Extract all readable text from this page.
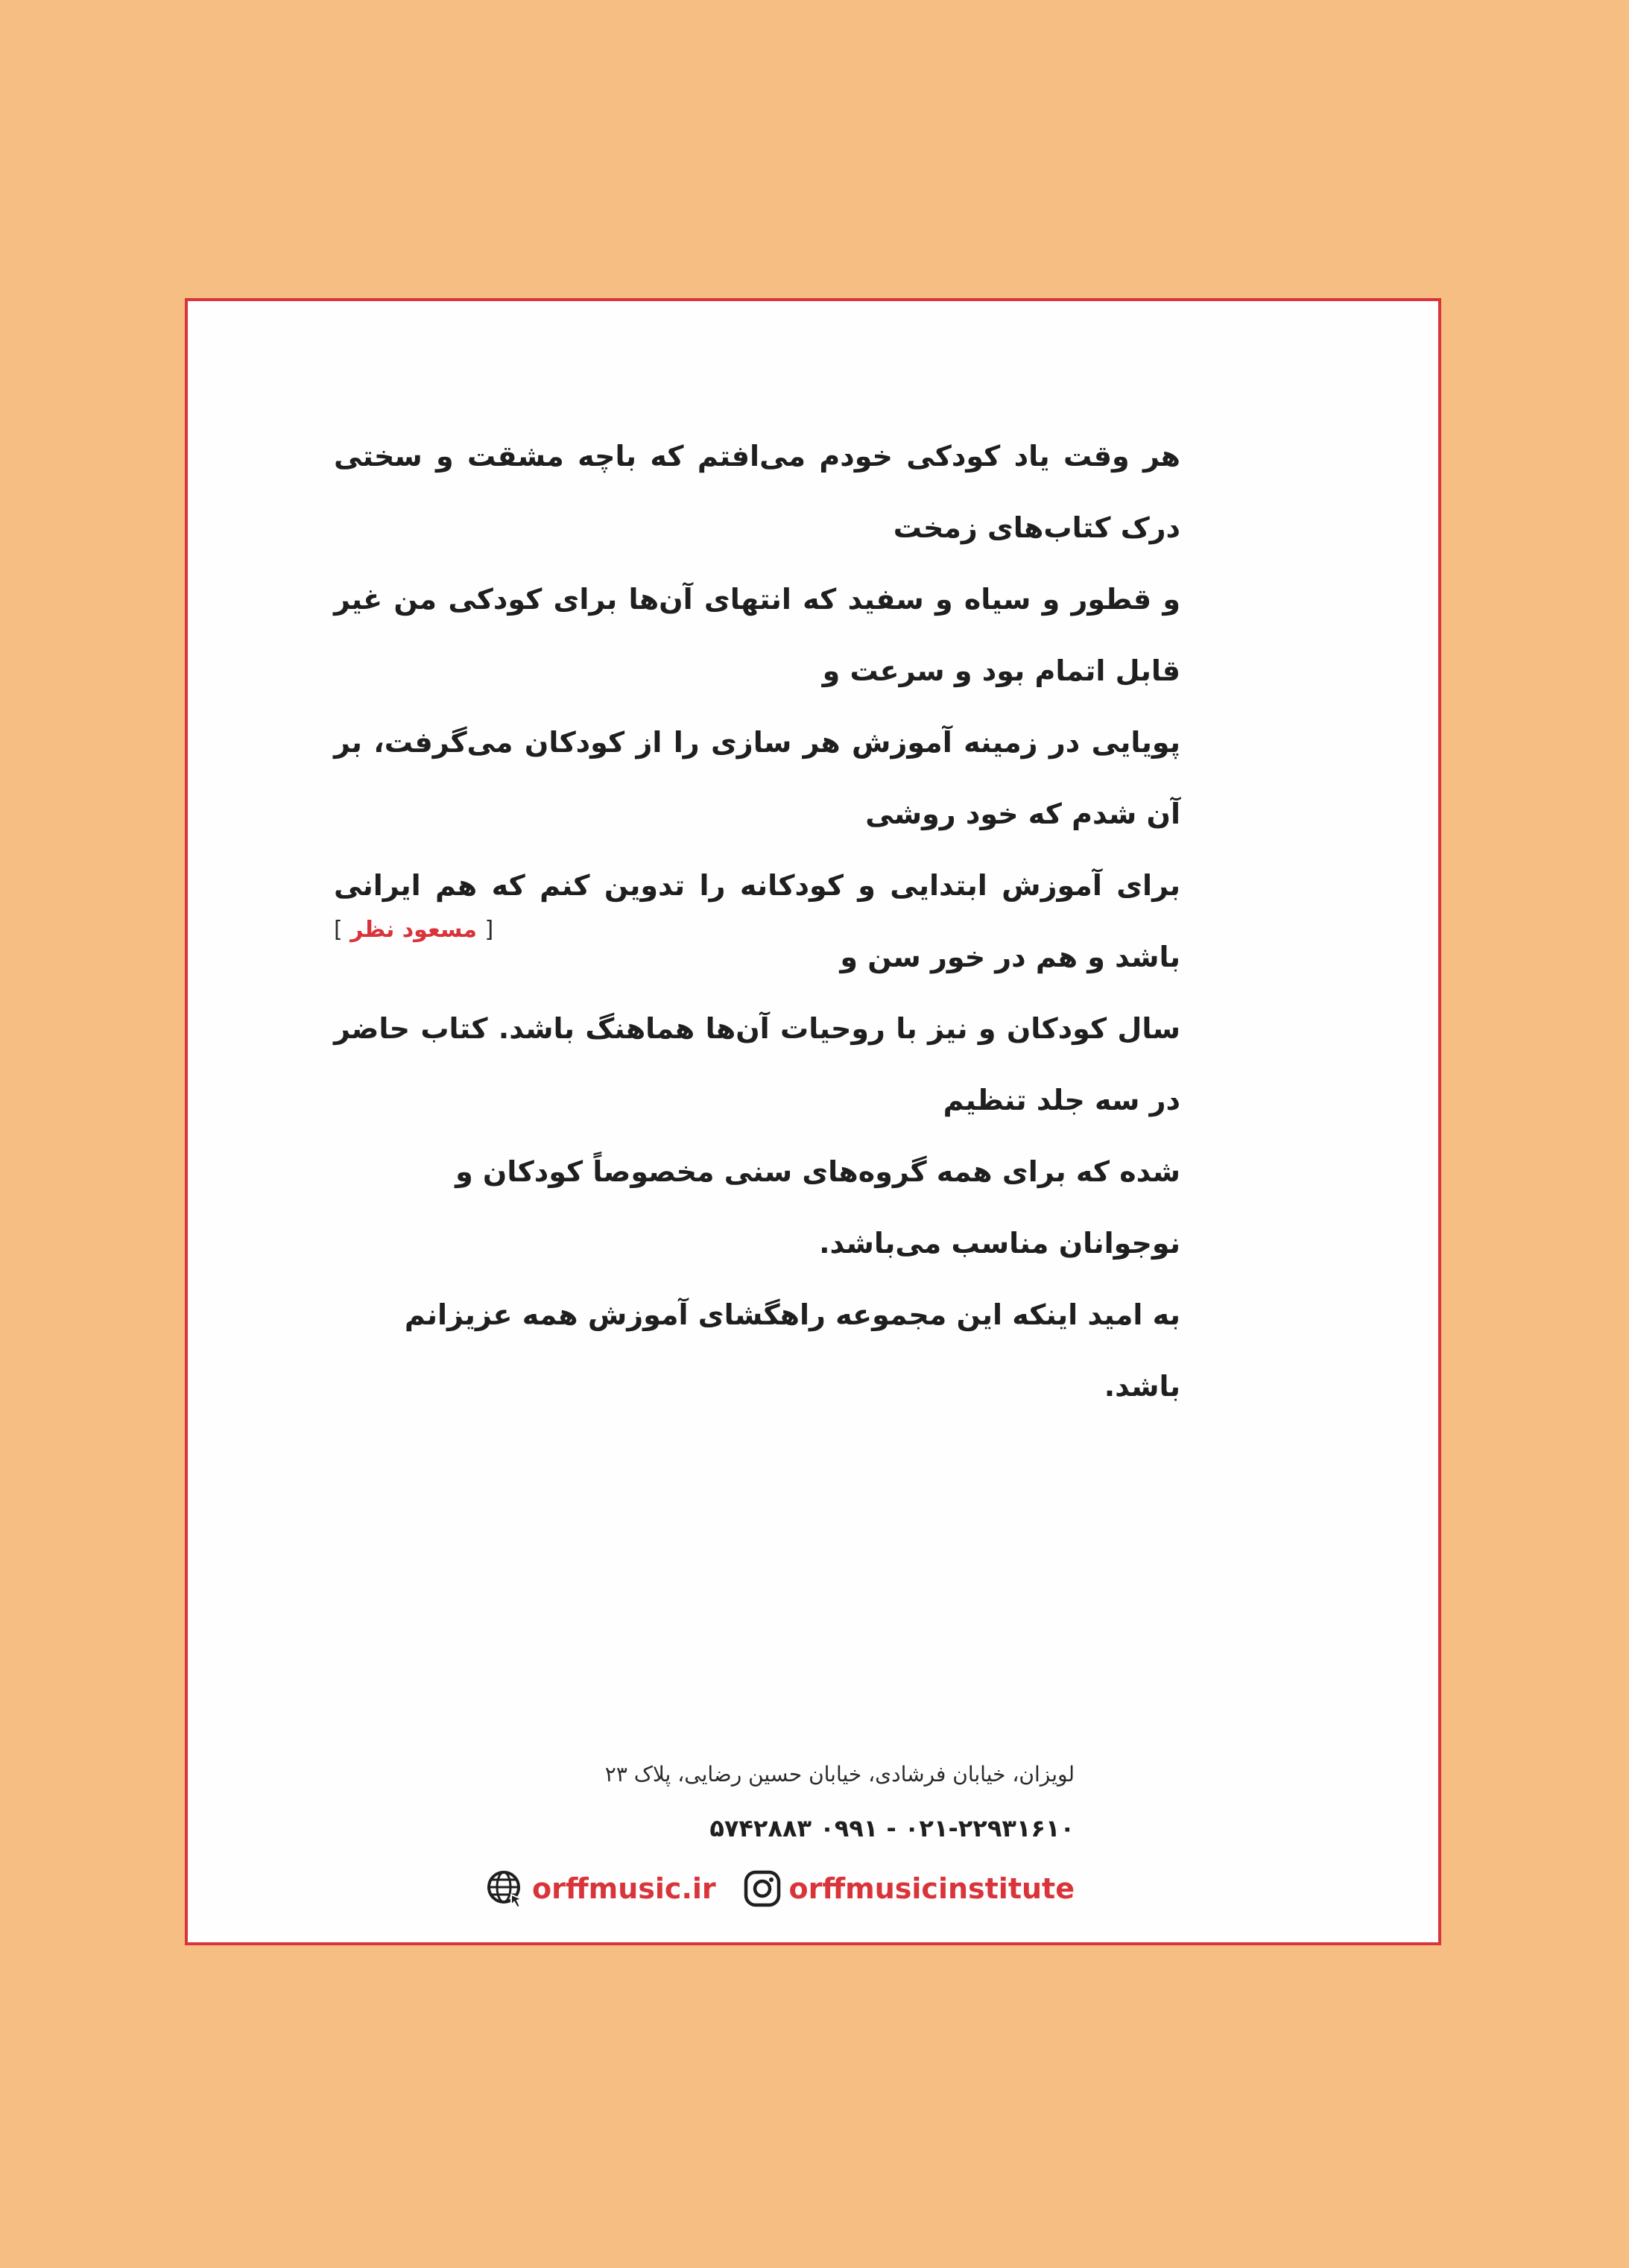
هر وقت یاد کودکی خودم می‌افتم که باچه مشقت و سختی درک کتاب‌های زمخت

و قطور و سیاه و سفید که انتهای آن‌ها برای کودکی من غیر قابل اتمام بود و سرعت و

پویایی در زمینه آموزش هر سازی را از کودکان می‌گرفت، بر آن شدم که خود روشی

برای آموزش ابتدایی و کودکانه را تدوین کنم که هم ایرانی باشد و هم در خور سن و

سال کودکان و نیز با روحیات آن‌ها هماهنگ باشد. کتاب حاضر در سه جلد تنظیم

شده که برای همه گروه‌های سنی مخصوصاً کودکان و نوجوانان مناسب می‌باشد.

به امید اینکه این مجموعه راهگشای آموزش همه عزیزانم باشد.

[ مسعود نظر ]
لویزان، خیابان فرشادی، خیابان حسین رضایی، پلاک ۲۳
۰۲۱-۲۲۹۳۱۶۱۰ - ۰۹۹۱ ۵۷۴۲۸۸۳
orffmusic.ir	orffmusicinstitute
